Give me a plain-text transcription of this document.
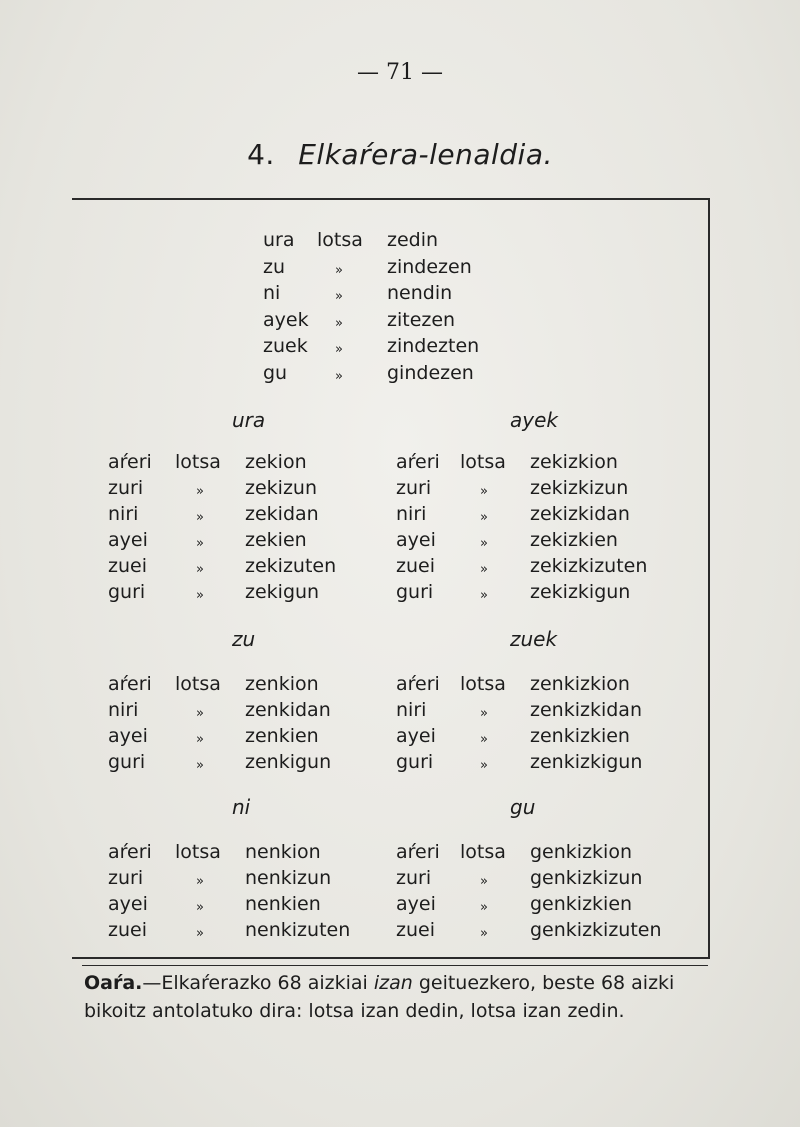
— 71 —
4. Elkaŕera-lenaldia.
ura lotsa zedin
zu	» zindezen
ni	» nendin
ayek » zitezen
zuek » zindezten
gu	» gindezen
ura
aŕeri lotsa zekion
zuri	» zekizun
niri	» zekidan
ayei	» zekien
zuei	» zekizuten
guri	» zekigun
ayek
aŕeri lotsa zekizkion
zuri	» zekizkizun
niri	» zekizkidan
ayei	» zekizkien
zuei	» zekizkizuten
guri	» zekizkigun
zu
aŕeri lotsa zenkion
niri	» zenkidan
ayei	» zenkien
guri	» zenkigun
zuek
aŕeri lotsa zenkizkion
niri	» zenkizkidan
ayei	» zenkizkien
guri	» zenkizkigun
ni
aŕeri lotsa nenkion
zuri	» nenkizun
ayei	» nenkien
zuei	» nenkizuten
gu
aŕeri lotsa genkizkion
zuri	» genkizkizun
ayei	» genkizkien
zuei	» genkizkizuten
Oaŕa.—Elkaŕerazko 68 aizkiai izan geituezkero, beste 68 aizki
bikoitz antolatuko dira: lotsa izan dedin, lotsa izan zedin.
